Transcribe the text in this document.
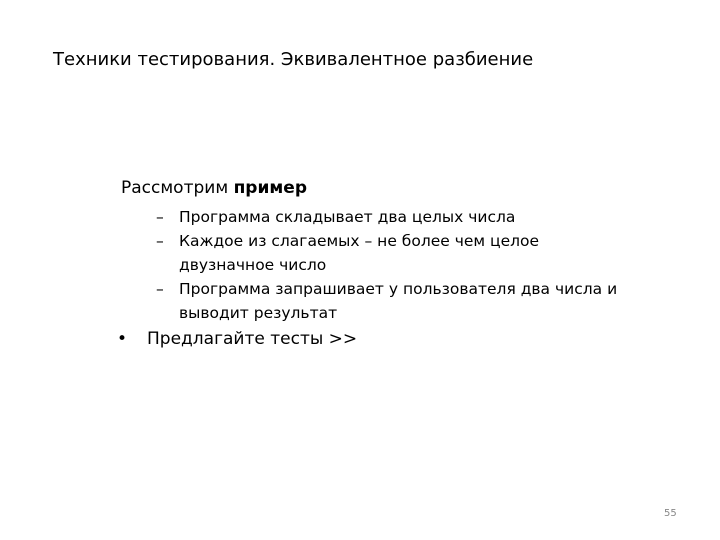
Техники тестирования. Эквивалентное разбиение
Рассмотрим пример
– Программа складывает два целых числа
– Каждое из слагаемых – не более чем целое двузначное число
– Программа запрашивает у пользователя два числа и выводит результат
• Предлагайте тесты >>
55
